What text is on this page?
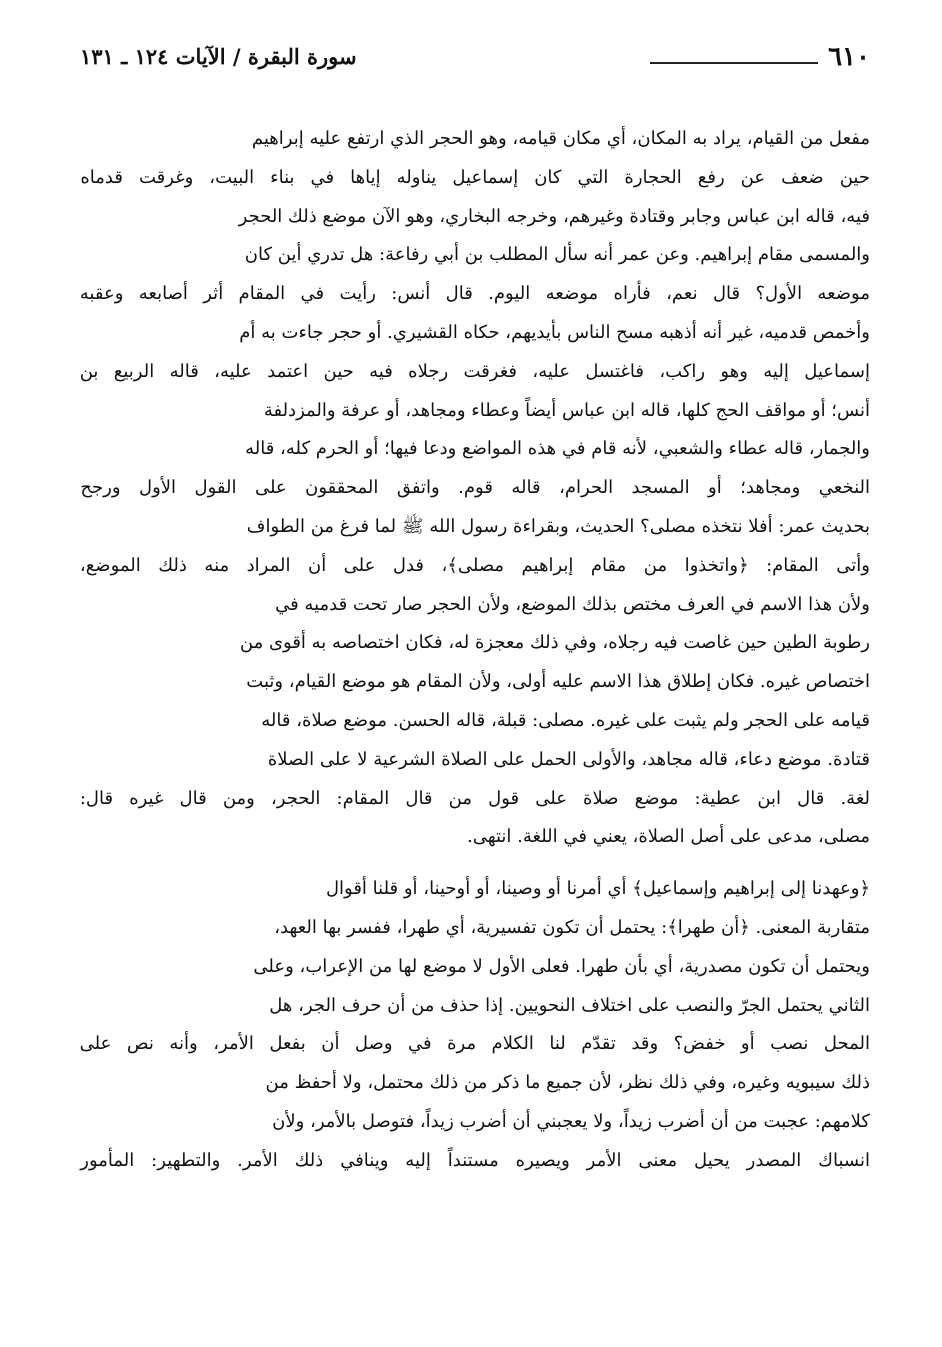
٦١٠
سورة البقرة / الآيات ١٢٤ ـ ١٣١
مفعل من القيام، يراد به المكان، أي مكان قيامه، وهو الحجر الذي ارتفع عليه إبراهيم
حين ضعف عن رفع الحجارة التي كان إسماعيل يناوله إياها في بناء البيت، وغرقت قدماه
فيه، قاله ابن عباس وجابر وقتادة وغيرهم، وخرجه البخاري، وهو الآن موضع ذلك الحجر
والمسمى مقام إبراهيم. وعن عمر أنه سأل المطلب بن أبي رفاعة: هل تدري أين كان
موضعه الأول؟ قال نعم، فأراه موضعه اليوم. قال أنس: رأيت في المقام أثر أصابعه وعقبه
وأخمص قدميه، غير أنه أذهبه مسح الناس بأيديهم، حكاه القشيري. أو حجر جاءت به أم
إسماعيل إليه وهو راكب، فاغتسل عليه، فغرقت رجلاه فيه حين اعتمد عليه، قاله الربيع بن
أنس؛ أو مواقف الحج كلها، قاله ابن عباس أيضاً وعطاء ومجاهد، أو عرفة والمزدلفة
والجمار، قاله عطاء والشعبي، لأنه قام في هذه المواضع ودعا فيها؛ أو الحرم كله، قاله
النخعي ومجاهد؛ أو المسجد الحرام، قاله قوم. واتفق المحققون على القول الأول ورجح
بحديث عمر: أفلا نتخذه مصلى؟ الحديث، وبقراءة رسول الله ﷺ لما فرغ من الطواف
وأتى المقام: ﴿واتخذوا من مقام إبراهيم مصلى﴾، فدل على أن المراد منه ذلك الموضع،
ولأن هذا الاسم في العرف مختص بذلك الموضع، ولأن الحجر صار تحت قدميه في
رطوبة الطين حين غاصت فيه رجلاه، وفي ذلك معجزة له، فكان اختصاصه به أقوى من
اختصاص غيره. فكان إطلاق هذا الاسم عليه أولى، ولأن المقام هو موضع القيام، وثبت
قيامه على الحجر ولم يثبت على غيره. مصلى: قبلة، قاله الحسن. موضع صلاة، قاله
قتادة. موضع دعاء، قاله مجاهد، والأولى الحمل على الصلاة الشرعية لا على الصلاة
لغة. قال ابن عطية: موضع صلاة على قول من قال المقام: الحجر، ومن قال غيره قال:
مصلى، مدعى على أصل الصلاة، يعني في اللغة. انتهى.
﴿وعهدنا إلى إبراهيم وإسماعيل﴾ أي أمرنا أو وصينا، أو أوحينا، أو قلنا أقوال
متقاربة المعنى. ﴿أن طهرا﴾: يحتمل أن تكون تفسيرية، أي طهرا، ففسر بها العهد،
ويحتمل أن تكون مصدرية، أي بأن طهرا. فعلى الأول لا موضع لها من الإعراب، وعلى
الثاني يحتمل الجرّ والنصب على اختلاف النحويين. إذا حذف من أن حرف الجر، هل
المحل نصب أو خفض؟ وقد تقدّم لنا الكلام مرة في وصل أن بفعل الأمر، وأنه نص على
ذلك سيبويه وغيره، وفي ذلك نظر، لأن جميع ما ذكر من ذلك محتمل، ولا أحفظ من
كلامهم: عجبت من أن أضرب زيداً، ولا يعجبني أن أضرب زيداً، فتوصل بالأمر، ولأن
انسباك المصدر يحيل معنى الأمر ويصيره مستنداً إليه وينافي ذلك الأمر. والتطهير: المأمور
